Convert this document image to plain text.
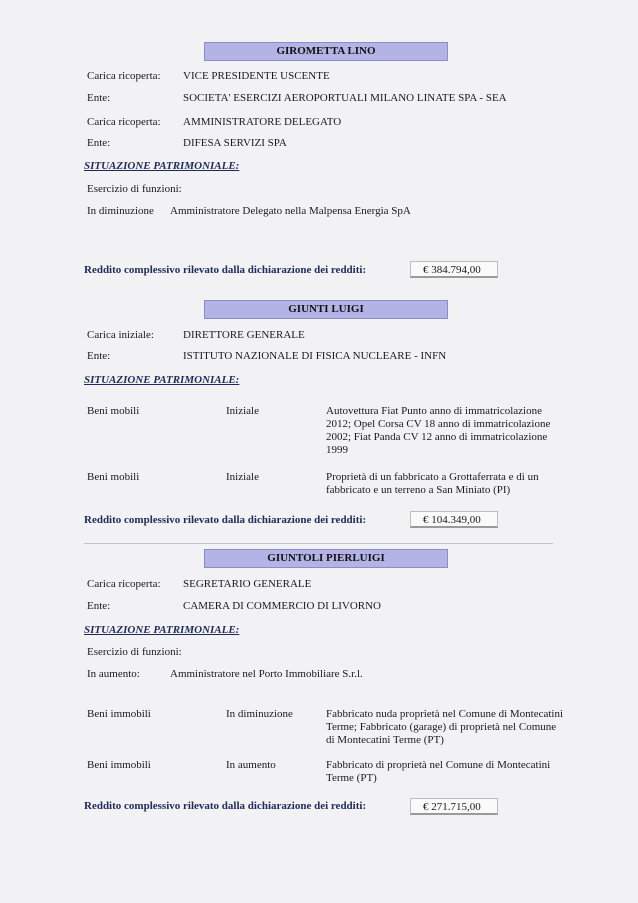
GIROMETTA LINO
Carica ricoperta: VICE PRESIDENTE USCENTE
Ente:	SOCIETA' ESERCIZI AEROPORTUALI MILANO LINATE SPA - SEA
Carica ricoperta: AMMINISTRATORE DELEGATO
Ente:	DIFESA SERVIZI SPA
SITUAZIONE PATRIMONIALE:
Esercizio di funzioni:
In diminuzione Amministratore Delegato nella Malpensa Energia SpA
Reddito complessivo rilevato dalla dichiarazione dei redditi:	€ 384.794,00
GIUNTI LUIGI
Carica iniziale:	DIRETTORE GENERALE
Ente:	ISTITUTO NAZIONALE DI FISICA NUCLEARE - INFN
SITUAZIONE PATRIMONIALE:
Beni mobili	Iniziale	Autovettura Fiat Punto anno di immatricolazione 2012; Opel Corsa CV 18 anno di immatricolazione 2002; Fiat Panda CV 12 anno di immatricolazione 1999
Beni mobili	Iniziale	Proprietà di un fabbricato a Grottaferrata e di un fabbricato e un terreno a San Miniato (PI)
Reddito complessivo rilevato dalla dichiarazione dei redditi:	€ 104.349,00
GIUNTOLI PIERLUIGI
Carica ricoperta: SEGRETARIO GENERALE
Ente:	CAMERA DI COMMERCIO DI LIVORNO
SITUAZIONE PATRIMONIALE:
Esercizio di funzioni:
In aumento:	Amministratore nel Porto Immobiliare S.r.l.
Beni immobili	In diminuzione	Fabbricato nuda proprietà nel Comune di Montecatini Terme; Fabbricato (garage) di proprietà nel Comune di Montecatini Terme (PT)
Beni immobili	In aumento	Fabbricato di proprietà nel Comune di Montecatini Terme (PT)
Reddito complessivo rilevato dalla dichiarazione dei redditi:	€ 271.715,00
